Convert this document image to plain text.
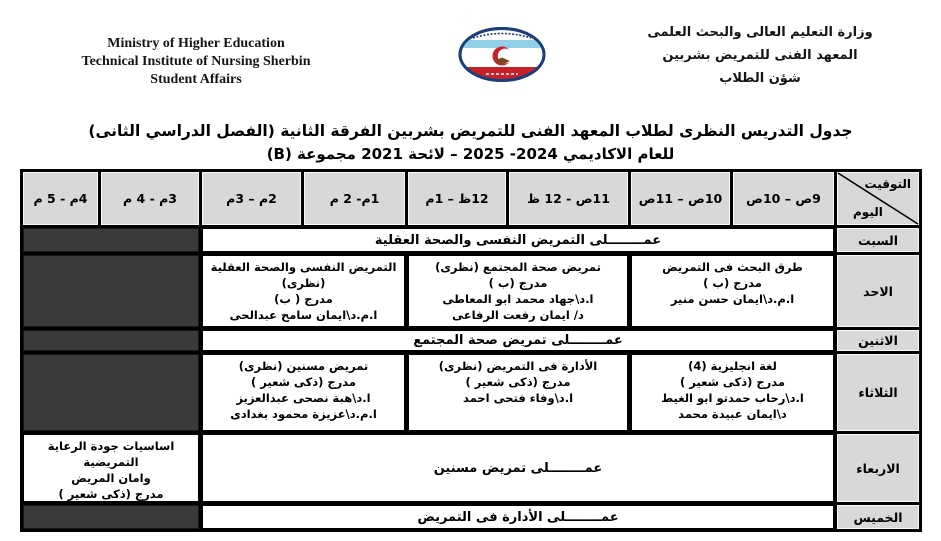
Ministry of Higher Education
Technical Institute of Nursing Sherbin
Student Affairs
وزارة التعليم العالى والبحث العلمى
المعهد الفنى للتمريض بشربين
شؤن الطلاب
جدول التدريس النظرى لطلاب المعهد الفنى للتمريض بشربين الفرقة الثانية (الفصل الدراسي الثانى)
للعام الاكاديمي 2024- 2025 – لائحة 2021 مجموعة (B)
التوقيت
اليوم
9ص – 10ص
10ص – 11ص
11ص - 12 ظ
12ظ – 1م
1م- 2 م
2م – 3م
3م - 4 م
4م - 5 م
السبت
عمــــــــلى التمريض النفسى والصحة العقلية
الاحد
طرق البحث فى التمريض
مدرج (ب )
ا.م.د\ايمان حسن منير
تمريض صحة المجتمع (نظرى)
مدرج (ب )
ا.د\جهاد محمد ابو المعاطى
د/ ايمان رفعت الرفاعى
التمريض النفسى والصحة العقلية (نظرى)
مدرج ( ب)
ا.م.د\ايمان سامح عبدالحى
الاثنين
عمــــــــلى تمريض صحة المجتمع
الثلاثاء
لغة انجليزية (4)
مدرج (ذكى شعير )
ا.د\رحاب حمدتو ابو الغيط
د\ايمان عبيدة محمد
الأدارة فى التمريض (نظرى)
مدرج (ذكى شعير )
ا.د\وفاء فتحى احمد
تمريض مسنين (نظرى)
مدرج (ذكى شعير )
ا.د\هبة نصحى عبدالعزيز
ا.م.د\عزيزة محمود بغدادى
الاربعاء
عمــــــــلى تمريض مسنين
اساسيات جودة الرعاية التمريضية
وامان المريض
مدرج (ذكى شعير )
الخميس
عمــــــــلى الأدارة فى التمريض
